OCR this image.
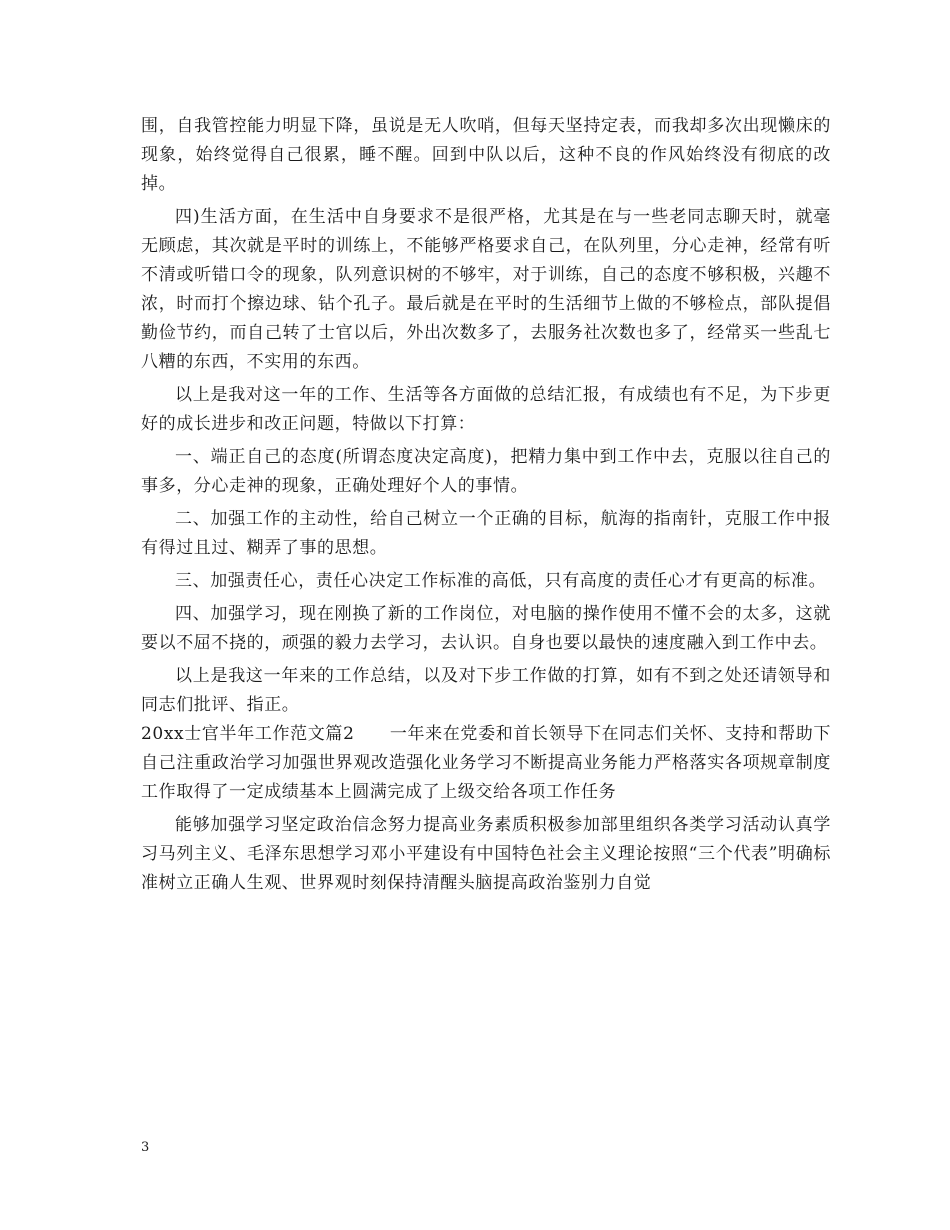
围，自我管控能力明显下降，虽说是无人吹哨，但每天坚持定表，而我却多次出现懒床的现象，始终觉得自己很累，睡不醒。回到中队以后，这种不良的作风始终没有彻底的改掉。

四)生活方面，在生活中自身要求不是很严格，尤其是在与一些老同志聊天时，就毫无顾虑，其次就是平时的训练上，不能够严格要求自己，在队列里，分心走神，经常有听不清或听错口令的现象，队列意识树的不够牢，对于训练，自己的态度不够积极，兴趣不浓，时而打个擦边球、钻个孔子。最后就是在平时的生活细节上做的不够检点，部队提倡勤俭节约，而自己转了士官以后，外出次数多了，去服务社次数也多了，经常买一些乱七八糟的东西，不实用的东西。

以上是我对这一年的工作、生活等各方面做的总结汇报，有成绩也有不足，为下步更好的成长进步和改正问题，特做以下打算：

一、端正自己的态度(所谓态度决定高度)，把精力集中到工作中去，克服以往自己的事多，分心走神的现象，正确处理好个人的事情。

二、加强工作的主动性，给自己树立一个正确的目标，航海的指南针，克服工作中报有得过且过、糊弄了事的思想。

三、加强责任心，责任心决定工作标准的高低，只有高度的责任心才有更高的标准。

四、加强学习，现在刚换了新的工作岗位，对电脑的操作使用不懂不会的太多，这就要以不屈不挠的，顽强的毅力去学习，去认识。自身也要以最快的速度融入到工作中去。

以上是我这一年来的工作总结，以及对下步工作做的打算，如有不到之处还请领导和同志们批评、指正。

20xx士官半年工作范文篇2　　一年来在党委和首长领导下在同志们关怀、支持和帮助下自己注重政治学习加强世界观改造强化业务学习不断提高业务能力严格落实各项规章制度工作取得了一定成绩基本上圆满完成了上级交给各项工作任务

能够加强学习坚定政治信念努力提高业务素质积极参加部里组织各类学习活动认真学习马列主义、毛泽东思想学习邓小平建设有中国特色社会主义理论按照“三个代表”明确标准树立正确人生观、世界观时刻保持清醒头脑提高政治鉴别力自觉

3
